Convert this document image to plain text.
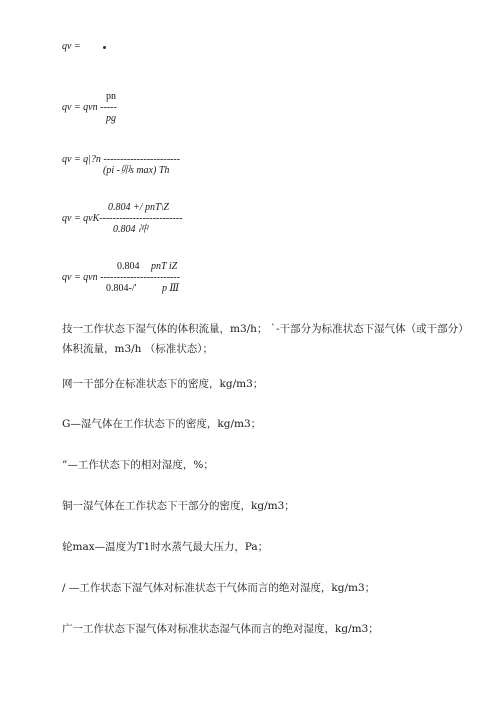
qv =
pn
qv = qvn -----
pg
qv = q|?n -----------------------
(pi -卯s max) Th
0.804 +/ pnT\Z
qv = qvK-------------------------
0.804 冲
0.804 pnT iZ
qv = qvn ------------------------
0.804-/'	p Ⅲ
技一工作状态下湿气体的体积流量，m3/h； `-干部分为标准状态下湿气体（或干部分）体积流量，m3/h （标准状态）；
网一干部分在标准状态下的密度，kg/m3；
G—湿气体在工作状态下的密度，kg/m3；
”—工作状态下的相对湿度，%；
铜一湿气体在工作状态下干部分的密度，kg/m3；
轮max—温度为T1时水蒸气最大压力，Pa；
/ —工作状态下湿气体对标准状态干气体而言的绝对湿度，kg/m3；
广一工作状态下湿气体对标准状态湿气体而言的绝对湿度，kg/m3；
